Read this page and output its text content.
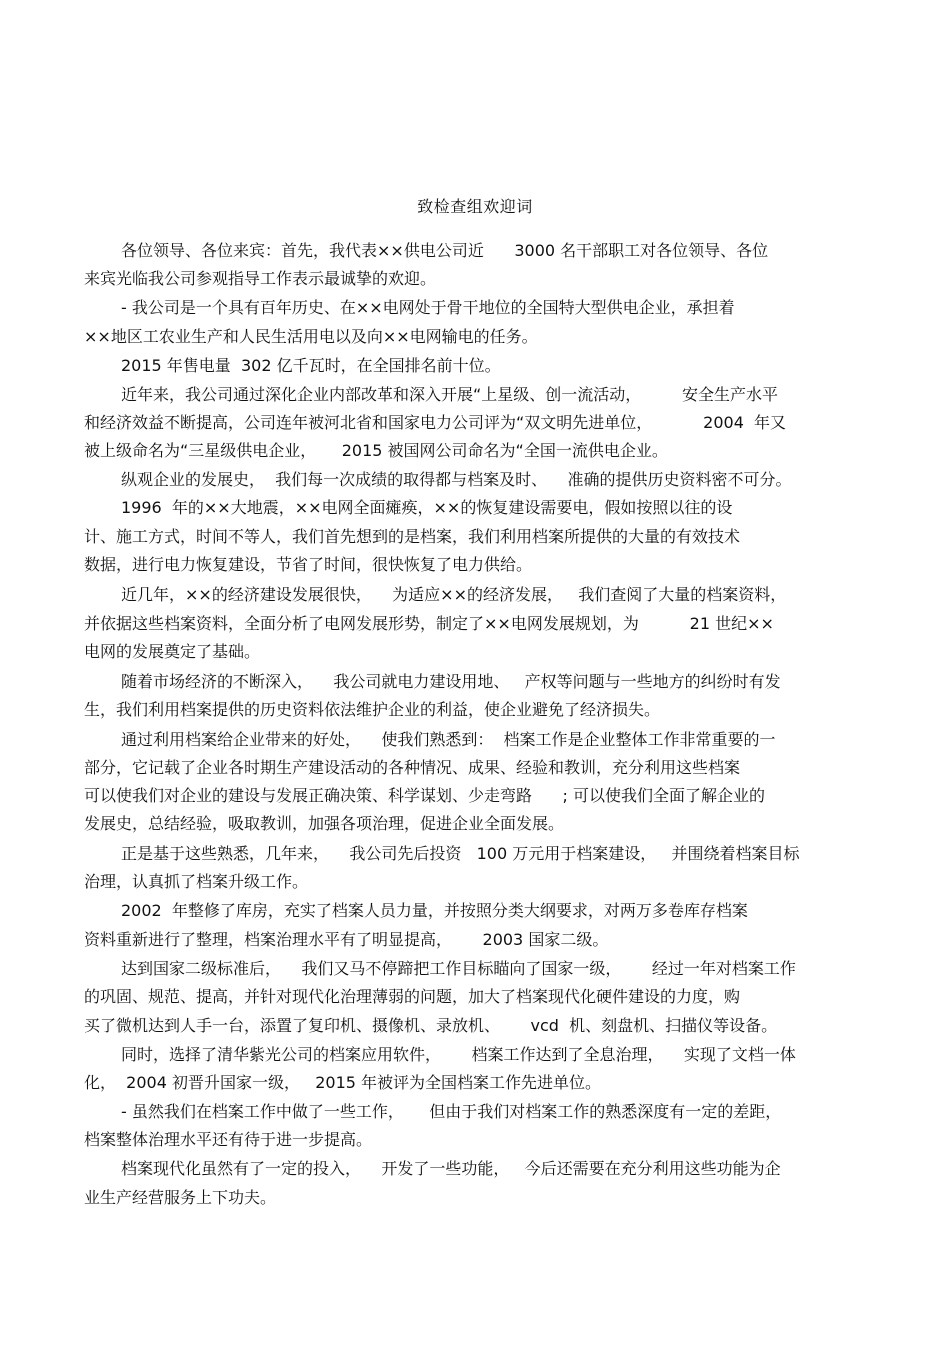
致检查组欢迎词
各位领导、各位来宾：首先，我代表××供电公司近      3000 名干部职工对各位领导、各位
来宾光临我公司参观指导工作表示最诚挚的欢迎。
- 我公司是一个具有百年历史、在××电网处于骨干地位的全国特大型供电企业，承担着
××地区工农业生产和人民生活用电以及向××电网输电的任务。
2015 年售电量  302 亿千瓦时，在全国排名前十位。
近年来，我公司通过深化企业内部改革和深入开展“上星级、创一流活动，        安全生产水平
和经济效益不断提高，公司连年被河北省和国家电力公司评为“双文明先进单位，          2004  年又
被上级命名为“三星级供电企业，     2015 被国网公司命名为“全国一流供电企业。
纵观企业的发展史，  我们每一次成绩的取得都与档案及时、    准确的提供历史资料密不可分。
1996  年的××大地震，××电网全面瘫痪，××的恢复建设需要电，假如按照以往的设
计、施工方式，时间不等人，我们首先想到的是档案，我们利用档案所提供的大量的有效技术
数据，进行电力恢复建设，节省了时间，很快恢复了电力供给。
近几年，××的经济建设发展很快，    为适应××的经济发展，   我们查阅了大量的档案资料，
并依据这些档案资料，全面分析了电网发展形势，制定了××电网发展规划，为          21 世纪××
电网的发展奠定了基础。
随着市场经济的不断深入，    我公司就电力建设用地、   产权等问题与一些地方的纠纷时有发
生，我们利用档案提供的历史资料依法维护企业的利益，使企业避免了经济损失。
通过利用档案给企业带来的好处，    使我们熟悉到：  档案工作是企业整体工作非常重要的一
部分，它记载了企业各时期生产建设活动的各种情况、成果、经验和教训，充分利用这些档案
可以使我们对企业的建设与发展正确决策、科学谋划、少走弯路      ; 可以使我们全面了解企业的
发展史，总结经验，吸取教训，加强各项治理，促进企业全面发展。
正是基于这些熟悉，几年来，    我公司先后投资   100 万元用于档案建设，   并围绕着档案目标
治理，认真抓了档案升级工作。
2002  年整修了库房，充实了档案人员力量，并按照分类大纲要求，对两万多卷库存档案
资料重新进行了整理，档案治理水平有了明显提高，      2003 国家二级。
达到国家二级标准后，    我们又马不停蹄把工作目标瞄向了国家一级，      经过一年对档案工作
的巩固、规范、提高，并针对现代化治理薄弱的问题，加大了档案现代化硬件建设的力度，购
买了微机达到人手一台，添置了复印机、摄像机、录放机、      vcd  机、刻盘机、扫描仪等设备。
同时，选择了清华紫光公司的档案应用软件，      档案工作达到了全息治理，    实现了文档一体
化，  2004 初晋升国家一级，   2015 年被评为全国档案工作先进单位。
- 虽然我们在档案工作中做了一些工作，     但由于我们对档案工作的熟悉深度有一定的差距，
档案整体治理水平还有待于进一步提高。
档案现代化虽然有了一定的投入，    开发了一些功能，   今后还需要在充分利用这些功能为企
业生产经营服务上下功夫。
